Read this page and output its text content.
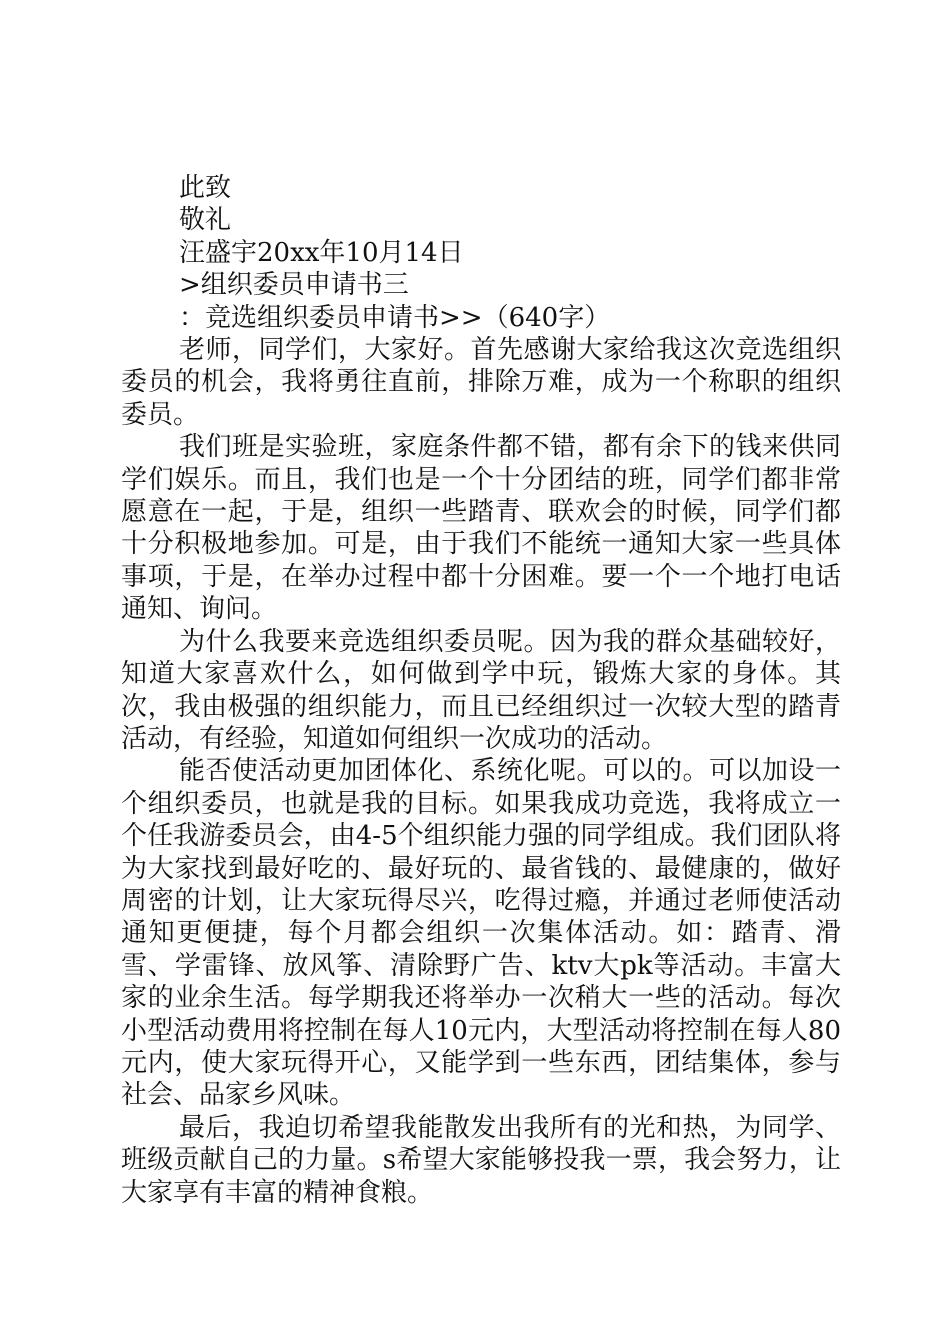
此致
敬礼
汪盛宇20xx年10月14日
>组织委员申请书三
：竞选组织委员申请书>>（640字）

老师，同学们，大家好。首先感谢大家给我这次竞选组织委员的机会，我将勇往直前，排除万难，成为一个称职的组织委员。

我们班是实验班，家庭条件都不错，都有余下的钱来供同学们娱乐。而且，我们也是一个十分团结的班，同学们都非常愿意在一起，于是，组织一些踏青、联欢会的时候，同学们都十分积极地参加。可是，由于我们不能统一通知大家一些具体事项，于是，在举办过程中都十分困难。要一个一个地打电话通知、询问。

为什么我要来竞选组织委员呢。因为我的群众基础较好，知道大家喜欢什么，如何做到学中玩，锻炼大家的身体。其次，我由极强的组织能力，而且已经组织过一次较大型的踏青活动，有经验，知道如何组织一次成功的活动。

能否使活动更加团体化、系统化呢。可以的。可以加设一个组织委员，也就是我的目标。如果我成功竞选，我将成立一个任我游委员会，由4-5个组织能力强的同学组成。我们团队将为大家找到最好吃的、最好玩的、最省钱的、最健康的，做好周密的计划，让大家玩得尽兴，吃得过瘾，并通过老师使活动通知更便捷，每个月都会组织一次集体活动。如：踏青、滑雪、学雷锋、放风筝、清除野广告、ktv大pk等活动。丰富大家的业余生活。每学期我还将举办一次稍大一些的活动。每次小型活动费用将控制在每人10元内，大型活动将控制在每人80元内，使大家玩得开心，又能学到一些东西，团结集体，参与社会、品家乡风味。

最后，我迫切希望我能散发出我所有的光和热，为同学、班级贡献自己的力量。s希望大家能够投我一票，我会努力，让大家享有丰富的精神食粮。
